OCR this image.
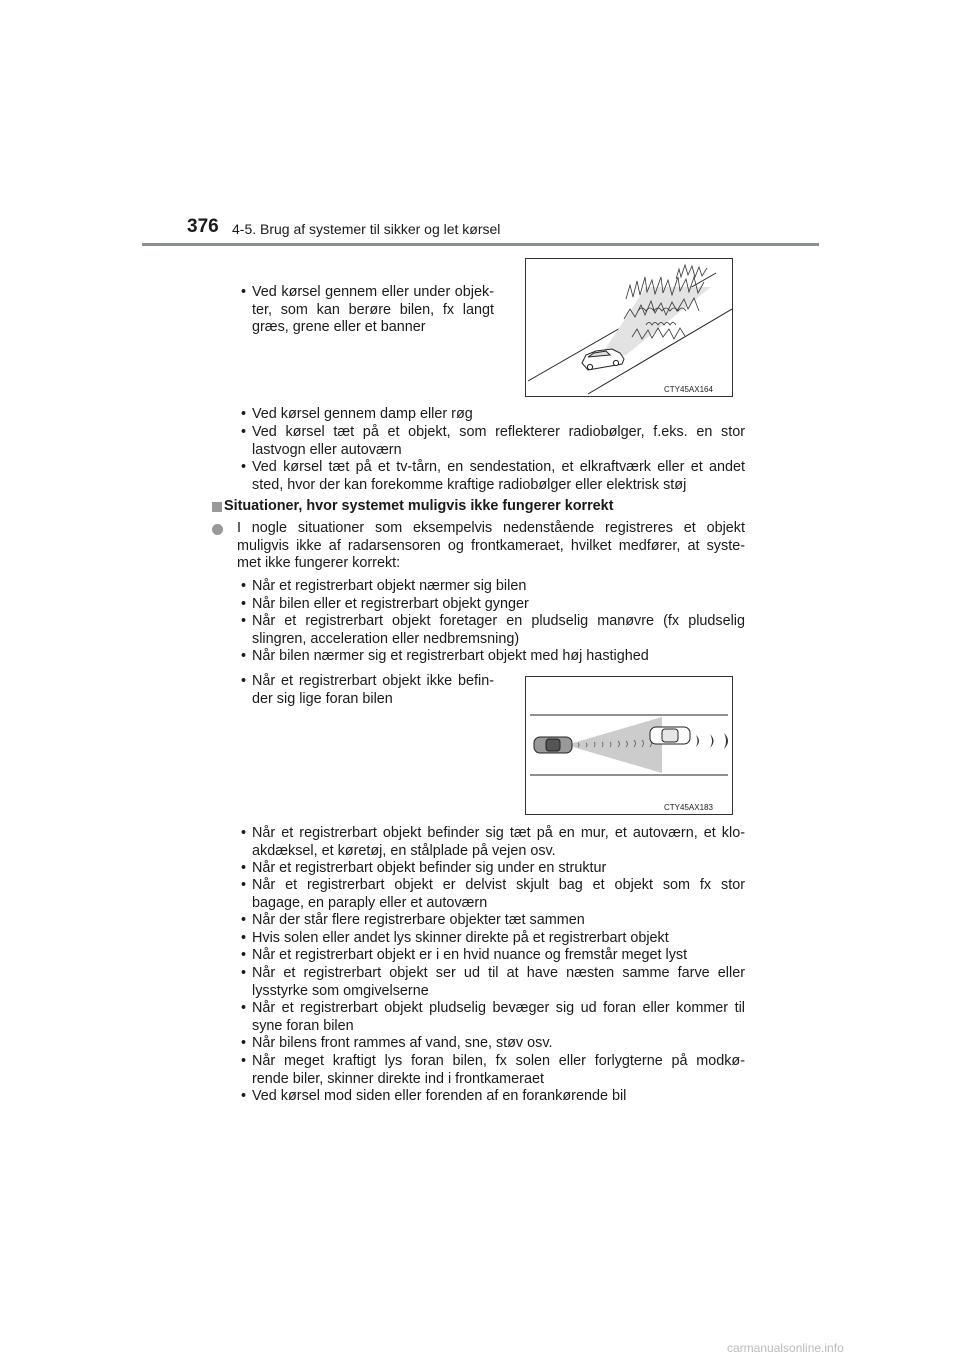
376 4-5. Brug af systemer til sikker og let kørsel
• Ved kørsel gennem eller under objek-
ter, som kan berøre bilen, fx langt
græs, grene eller et banner
CTY45AX164
• Ved kørsel gennem damp eller røg
• Ved kørsel tæt på et objekt, som reflekterer radiobølger, f.eks. en stor
lastvogn eller autoværn
• Ved kørsel tæt på et tv-tårn, en sendestation, et elkraftværk eller et andet
sted, hvor der kan forekomme kraftige radiobølger eller elektrisk støj
Situationer, hvor systemet muligvis ikke fungerer korrekt
I nogle situationer som eksempelvis nedenstående registreres et objekt
muligvis ikke af radarsensoren og frontkameraet, hvilket medfører, at syste-
met ikke fungerer korrekt:
• Når et registrerbart objekt nærmer sig bilen
• Når bilen eller et registrerbart objekt gynger
• Når et registrerbart objekt foretager en pludselig manøvre (fx pludselig
slingren, acceleration eller nedbremsning)
• Når bilen nærmer sig et registrerbart objekt med høj hastighed
• Når et registrerbart objekt ikke befin-
der sig lige foran bilen
CTY45AX183
• Når et registrerbart objekt befinder sig tæt på en mur, et autoværn, et klo-
akdæksel, et køretøj, en stålplade på vejen osv.
• Når et registrerbart objekt befinder sig under en struktur
• Når et registrerbart objekt er delvist skjult bag et objekt som fx stor
bagage, en paraply eller et autoværn
• Når der står flere registrerbare objekter tæt sammen
• Hvis solen eller andet lys skinner direkte på et registrerbart objekt
• Når et registrerbart objekt er i en hvid nuance og fremstår meget lyst
• Når et registrerbart objekt ser ud til at have næsten samme farve eller
lysstyrke som omgivelserne
• Når et registrerbart objekt pludselig bevæger sig ud foran eller kommer til
syne foran bilen
• Når bilens front rammes af vand, sne, støv osv.
• Når meget kraftigt lys foran bilen, fx solen eller forlygterne på modkø-
rende biler, skinner direkte ind i frontkameraet
• Ved kørsel mod siden eller forenden af en forankørende bil
carmanualsonline.info
